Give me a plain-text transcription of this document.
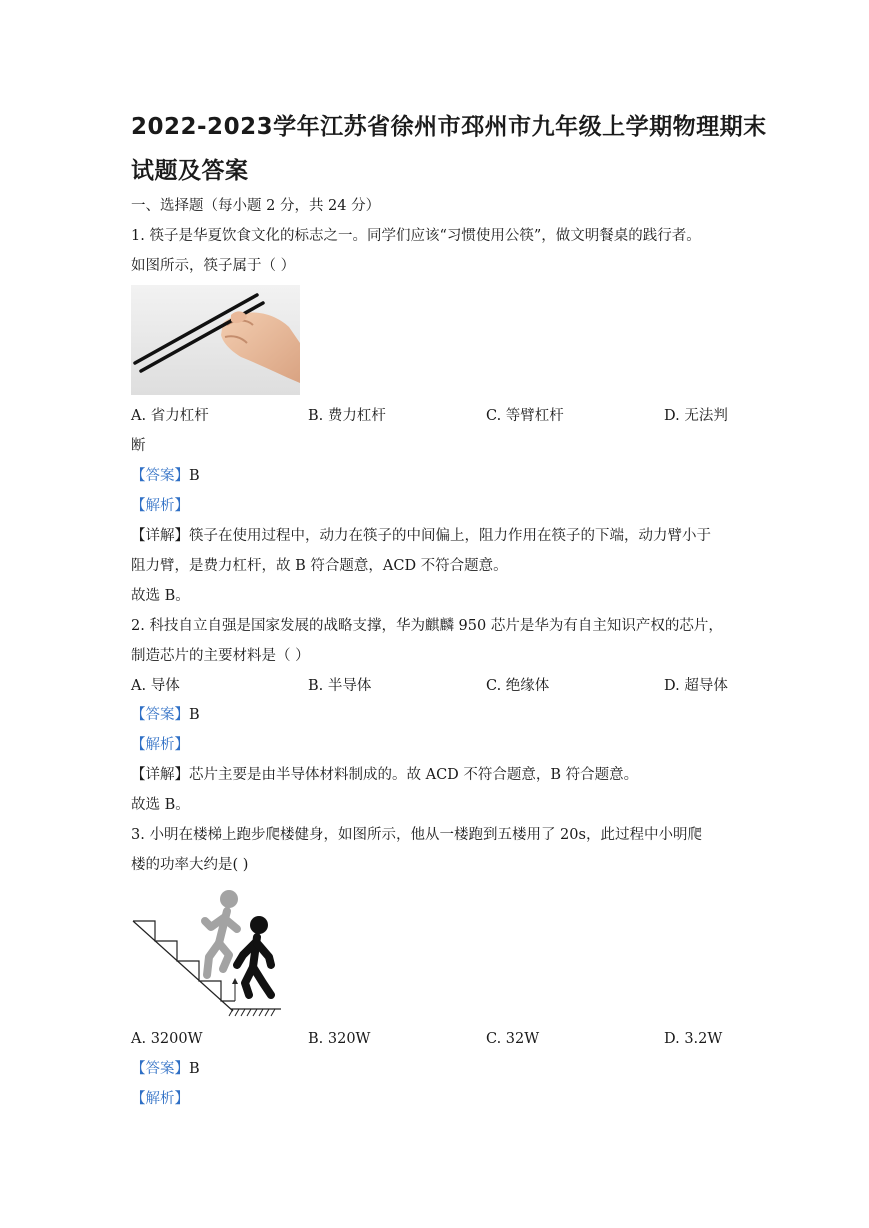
2022-2023学年江苏省徐州市邳州市九年级上学期物理期末
试题及答案
一、选择题（每小题 2 分，共 24 分）
1. 筷子是华夏饮食文化的标志之一。同学们应该“习惯使用公筷”，做文明餐桌的践行者。
如图所示，筷子属于（ ）
A. 省力杠杆	B. 费力杠杆	C. 等臂杠杆	D. 无法判
断
【答案】B
【解析】
【详解】筷子在使用过程中，动力在筷子的中间偏上，阻力作用在筷子的下端，动力臂小于
阻力臂，是费力杠杆，故 B 符合题意，ACD 不符合题意。
故选 B。
2. 科技自立自强是国家发展的战略支撑，华为麒麟 950 芯片是华为有自主知识产权的芯片，
制造芯片的主要材料是（ ）
A. 导体	B. 半导体	C. 绝缘体	D. 超导体
【答案】B
【解析】
【详解】芯片主要是由半导体材料制成的。故 ACD 不符合题意，B 符合题意。
故选 B。
3. 小明在楼梯上跑步爬楼健身，如图所示，他从一楼跑到五楼用了 20s，此过程中小明爬
楼的功率大约是( )
A. 3200W	B. 320W	C. 32W	D. 3.2W
【答案】B
【解析】
